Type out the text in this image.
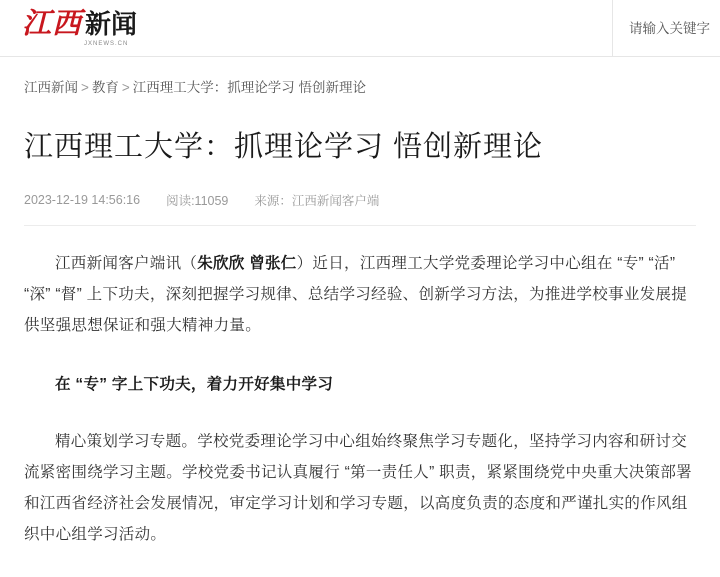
江西 新闻
JXNEWS.CN
请输入关键字
江西新闻 > 教育 > 江西理工大学：抓理论学习 悟创新理论
江西理工大学：抓理论学习 悟创新理论
2023-12-19 14:56:16 阅读:11059 来源：江西新闻客户端

江西新闻客户端讯（朱欣欣 曾张仁）近日，江西理工大学党委理论学习中心组在 “专” “活” “深” “督” 上下功夫，深刻把握学习规律、总结学习经验、创新学习方法，为推进学校事业发展提供坚强思想保证和强大精神力量。

在 “专” 字上下功夫，着力开好集中学习

精心策划学习专题。学校党委理论学习中心组始终聚焦学习专题化，坚持学习内容和研讨交流紧密围绕学习主题。学校党委书记认真履行 “第一责任人” 职责，紧紧围绕党中央重大决策部署和江西省经济社会发展情况，审定学习计划和学习专题，以高度负责的态度和严谨扎实的作风组织中心组学习活动。
